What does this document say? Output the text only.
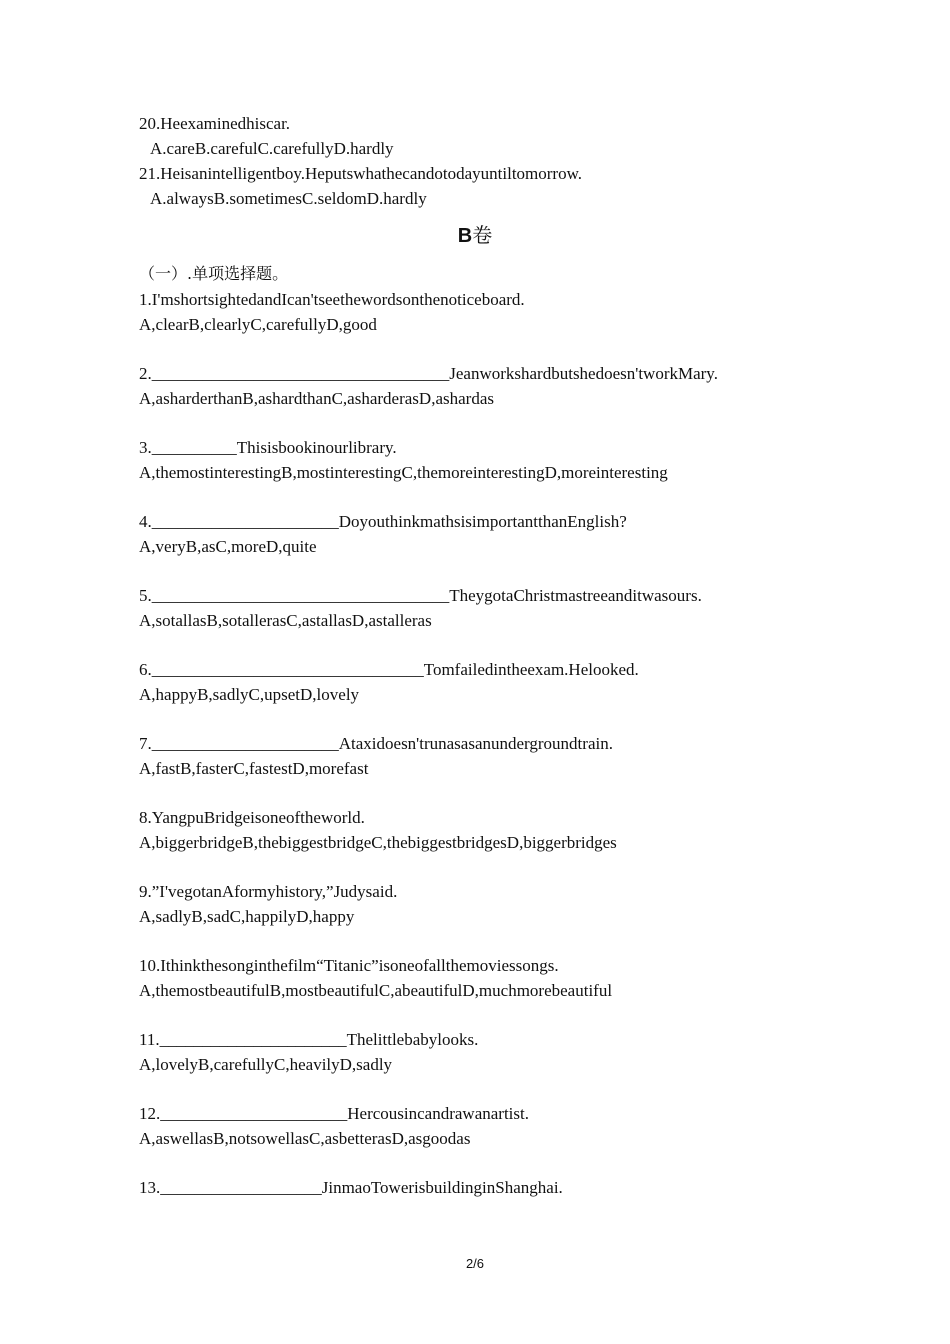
20.Heexaminedhiscar.
A.careB.carefulC.carefullyD.hardly
21.Heisanintelligentboy.Heputswhathecandotodayuntiltomorrow.
A.alwaysB.sometimesC.seldomD.hardly
B卷
（一）.单项选择题。
1.I'mshortsightedandIcan'tseethewordsonthenoticeboard.
A,clearB,clearlyC,carefullyD,good
2.___________________________________Jeanworkshardbutshedoesn'tworkMary.
A,asharderthanB,ashardthanC,asharderasD,ashardas
3.__________Thisisbookinourlibrary.
A,themostinterestingB,mostinterestingC,themoreinterestingD,moreinteresting
4.______________________DoyouthinkmathsisimportantthanEnglish?
A,veryB,asC,moreD,quite
5.___________________________________TheygotaChristmastreeanditwasours.
A,sotallasB,sotallerasC,astallasD,astalleras
6.________________________________Tomfailedintheexam.Helooked.
A,happyB,sadlyC,upsetD,lovely
7.______________________Ataxidoesn'trunasasanundergroundtrain.
A,fastB,fasterC,fastestD,morefast
8.YangpuBridgeisoneoftheworld.
A,biggerbridgeB,thebiggestbridgeC,thebiggestbridgesD,biggerbridges
9.”I'vegotanAformyhistory,”Judysaid.
A,sadlyB,sadC,happilyD,happy
10.Ithinkthesonginthefilm“Titanic”isoneofallthemoviessongs.
A,themostbeautifulB,mostbeautifulC,abeautifulD,muchmorebeautiful
11.______________________Thelittlebabylooks.
A,lovelyB,carefullyC,heavilyD,sadly
12.______________________Hercousincandrawanartist.
A,aswellasB,notsowellasC,asbetterasD,asgoodas
13.___________________JinmaoTowerisbuildinginShanghai.
2/6
